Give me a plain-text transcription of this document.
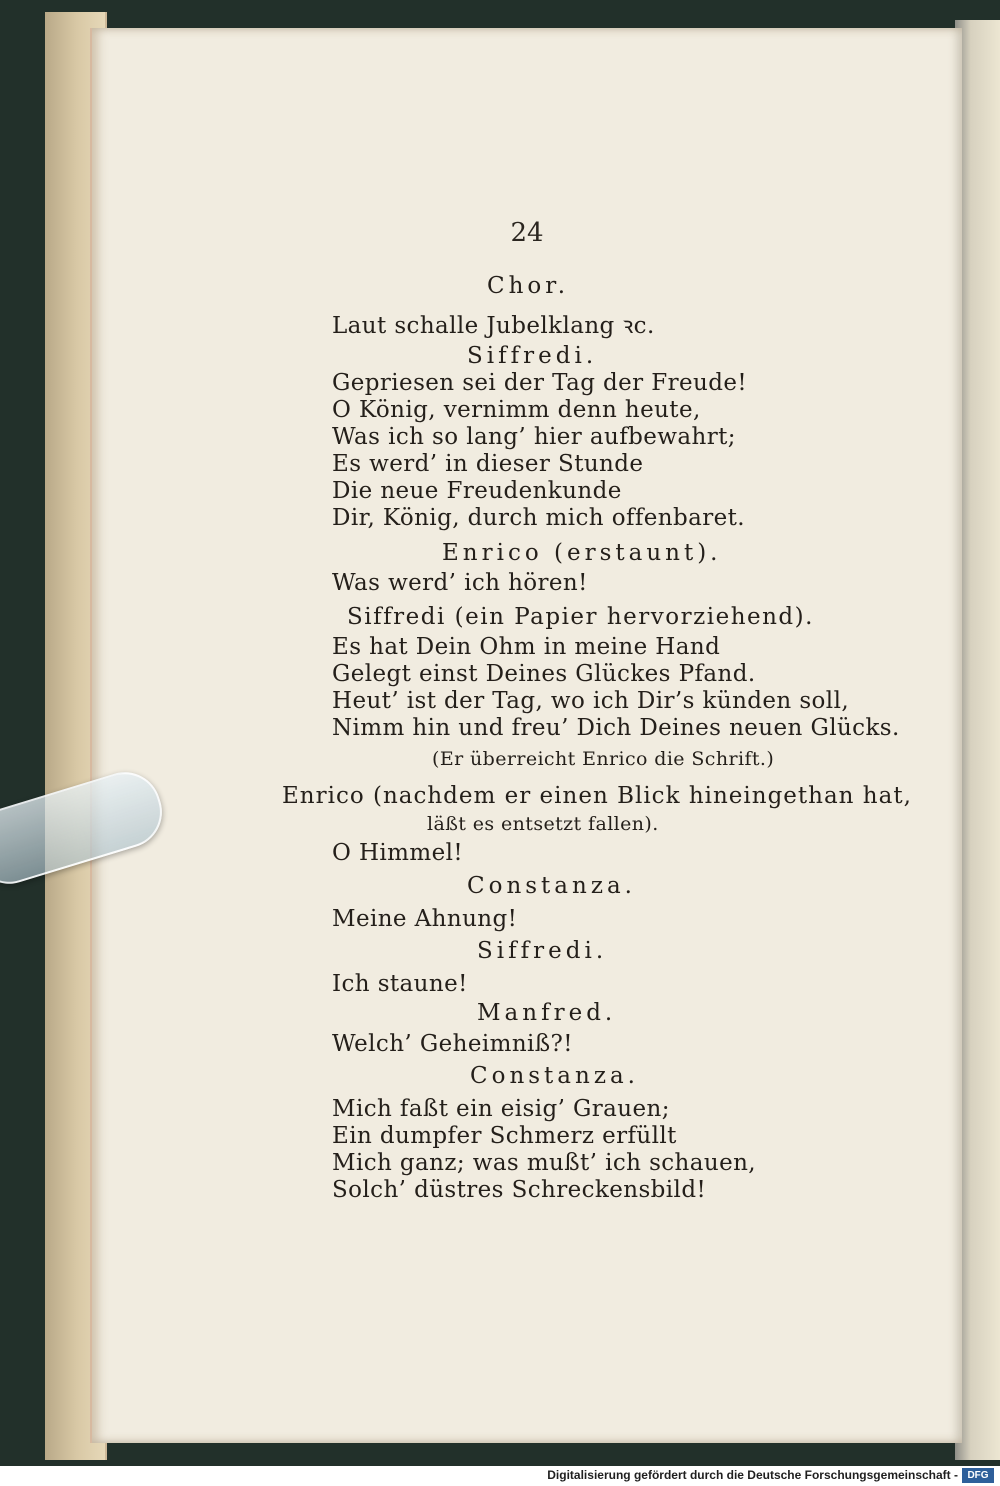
24
Chor.
Laut schalle Jubelklang ꝛc.
Siffredi.
Gepriesen sei der Tag der Freude!
O König, vernimm denn heute,
Was ich so lang’ hier aufbewahrt;
Es werd’ in dieser Stunde
Die neue Freudenkunde
Dir, König, durch mich offenbaret.
Enrico (erstaunt).
Was werd’ ich hören!
Siffredi (ein Papier hervorziehend).
Es hat Dein Ohm in meine Hand
Gelegt einst Deines Glückes Pfand.
Heut’ ist der Tag, wo ich Dir’s künden soll,
Nimm hin und freu’ Dich Deines neuen Glücks.
(Er überreicht Enrico die Schrift.)
Enrico (nachdem er einen Blick hineingethan hat,
läßt es entsetzt fallen).
O Himmel!
Constanza.
Meine Ahnung!
Siffredi.
Ich staune!
Manfred.
Welch’ Geheimniß?!
Constanza.
Mich faßt ein eisig’ Grauen;
Ein dumpfer Schmerz erfüllt
Mich ganz; was mußt’ ich schauen,
Solch’ düstres Schreckensbild!
Digitalisierung gefördert durch die Deutsche Forschungsgemeinschaft - DFG
